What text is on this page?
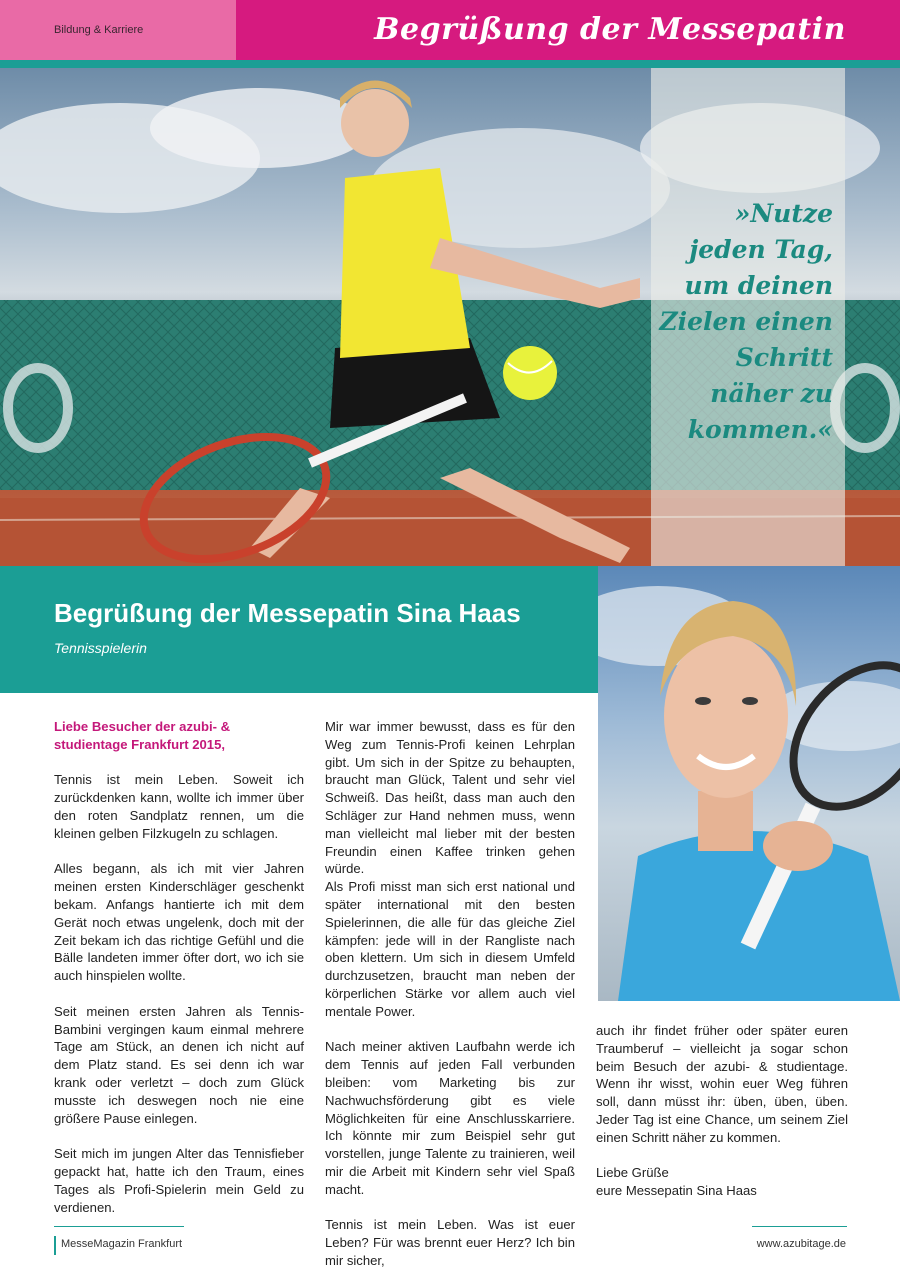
Bildung & Karriere	Begrüßung der Messepatin
»Nutze
jeden Tag,
um deinen
Zielen einen
Schritt
näher zu
kommen.«
Begrüßung der Messepatin Sina Haas
Tennisspielerin

Liebe Besucher der azubi- & studientage Frankfurt 2015,

Tennis ist mein Leben. Soweit ich zurückdenken kann, wollte ich immer über den roten Sandplatz rennen, um die kleinen gelben Filzkugeln zu schlagen.

Alles begann, als ich mit vier Jahren meinen ersten Kinderschläger geschenkt bekam. Anfangs hantierte ich mit dem Gerät noch etwas ungelenk, doch mit der Zeit bekam ich das richtige Gefühl und die Bälle landeten immer öfter dort, wo ich sie auch hinspielen wollte.

Seit meinen ersten Jahren als Tennis-Bambini vergingen kaum einmal mehrere Tage am Stück, an denen ich nicht auf dem Platz stand. Es sei denn ich war krank oder verletzt – doch zum Glück musste ich deswegen noch nie eine größere Pause einlegen.

Seit mich im jungen Alter das Tennisfieber gepackt hat, hatte ich den Traum, eines Tages als Profi-Spielerin mein Geld zu verdienen.

Mir war immer bewusst, dass es für den Weg zum Tennis-Profi keinen Lehrplan gibt. Um sich in der Spitze zu behaupten, braucht man Glück, Talent und sehr viel Schweiß. Das heißt, dass man auch den Schläger zur Hand nehmen muss, wenn man vielleicht mal lieber mit der besten Freundin einen Kaffee trinken gehen würde.

Als Profi misst man sich erst national und später international mit den besten Spielerinnen, die alle für das gleiche Ziel kämpfen: jede will in der Rangliste nach oben klettern. Um sich in diesem Umfeld durchzusetzen, braucht man neben der körperlichen Stärke vor allem auch viel mentale Power.

Nach meiner aktiven Laufbahn werde ich dem Tennis auf jeden Fall verbunden bleiben: vom Marketing bis zur Nachwuchsförderung gibt es viele Möglichkeiten für eine Anschlusskarriere. Ich könnte mir zum Beispiel sehr gut vorstellen, junge Talente zu trainieren, weil mir die Arbeit mit Kindern sehr viel Spaß macht.

Tennis ist mein Leben. Was ist euer Leben? Für was brennt euer Herz? Ich bin mir sicher,

auch ihr findet früher oder später euren Traumberuf – vielleicht ja sogar schon beim Besuch der azubi- & studientage. Wenn ihr wisst, wohin euer Weg führen soll, dann müsst ihr: üben, üben, üben. Jeder Tag ist eine Chance, um seinem Ziel einen Schritt näher zu kommen.

Liebe Grüße
eure Messepatin Sina Haas
MesseMagazin Frankfurt	www.azubitage.de
